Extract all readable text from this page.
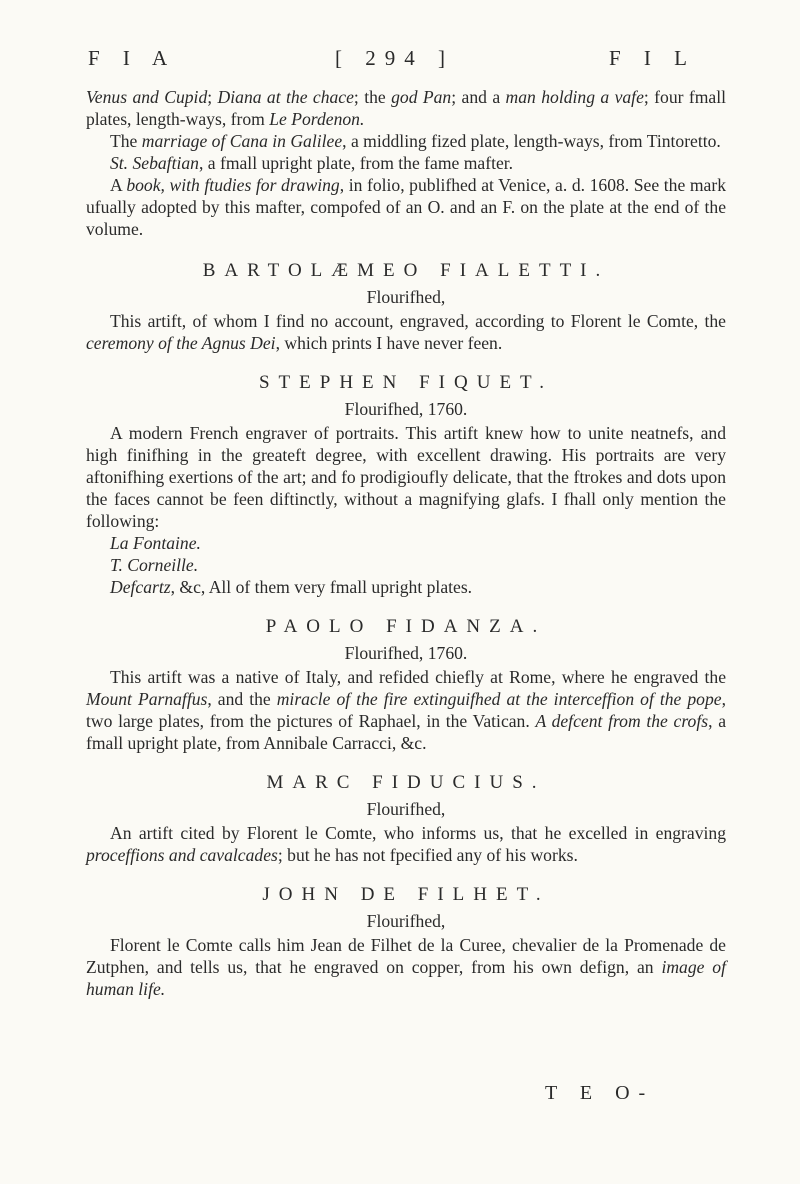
F I A	[ 294 ]	F I L

Venus and Cupid; Diana at the chace; the god Pan; and a man holding a vafe; four fmall plates, length-ways, from Le Pordenon.

The marriage of Cana in Galilee, a middling fized plate, length-ways, from Tintoretto.

St. Sebaftian, a fmall upright plate, from the fame mafter.

A book, with ftudies for drawing, in folio, publifhed at Venice, a. d. 1608. See the mark ufually adopted by this mafter, compofed of an O. and an F. on the plate at the end of the volume.

BARTOLÆMEO FIALETTI.
Flourifhed,

This artift, of whom I find no account, engraved, according to Florent le Comte, the ceremony of the Agnus Dei, which prints I have never feen.

STEPHEN FIQUET.
Flourifhed, 1760.

A modern French engraver of portraits. This artift knew how to unite neatnefs, and high finifhing in the greateft degree, with excellent drawing. His portraits are very aftonifhing exertions of the art; and fo prodigioufly delicate, that the ftrokes and dots upon the faces cannot be feen diftinctly, without a magnifying glafs. I fhall only mention the following:

La Fontaine.

T. Corneille.

Defcartz, &c, All of them very fmall upright plates.

PAOLO FIDANZA.
Flourifhed, 1760.

This artift was a native of Italy, and refided chiefly at Rome, where he engraved the Mount Parnaffus, and the miracle of the fire extinguifhed at the interceffion of the pope, two large plates, from the pictures of Raphael, in the Vatican. A defcent from the crofs, a fmall upright plate, from Annibale Carracci, &c.

MARC FIDUCIUS.
Flourifhed,

An artift cited by Florent le Comte, who informs us, that he excelled in engraving proceffions and cavalcades; but he has not fpecified any of his works.

JOHN DE FILHET.
Flourifhed,

Florent le Comte calls him Jean de Filhet de la Curee, chevalier de la Promenade de Zutphen, and tells us, that he engraved on copper, from his own defign, an image of human life.

T E O-
